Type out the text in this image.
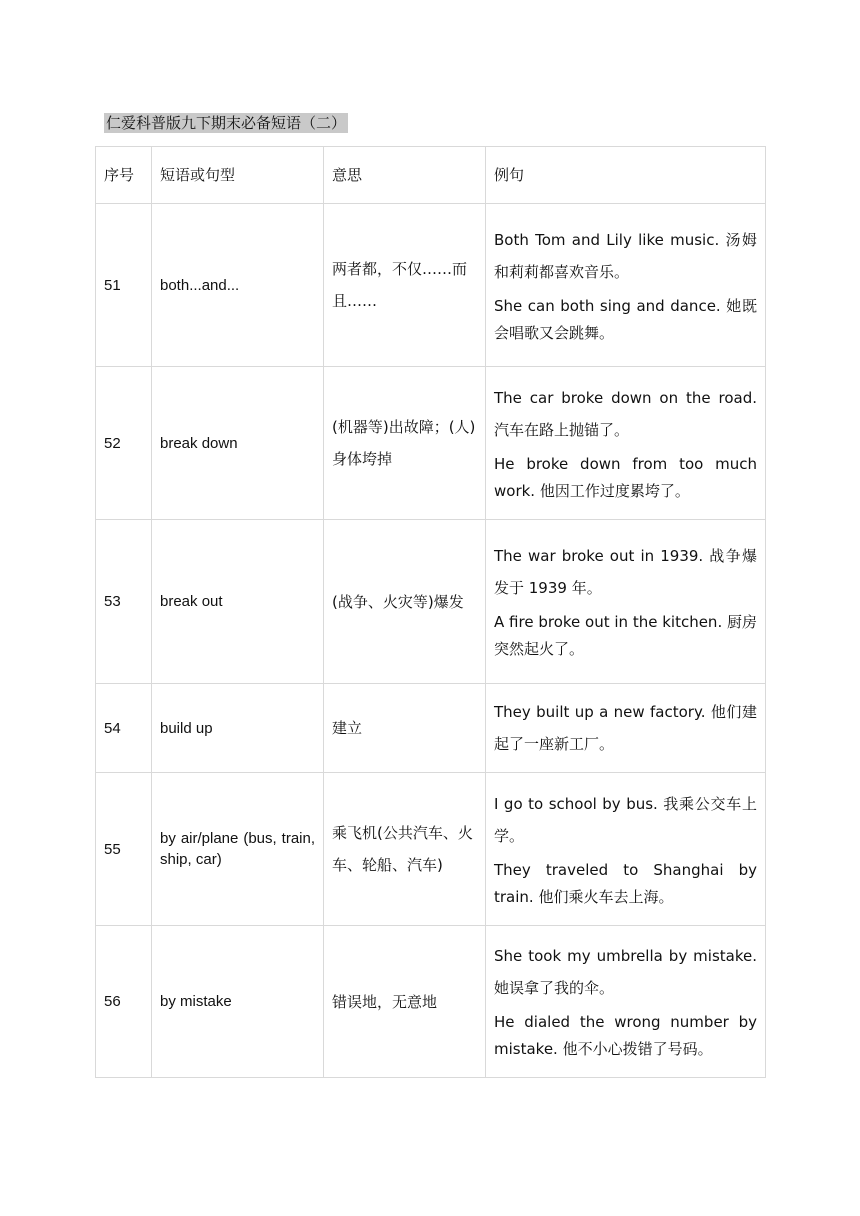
仁爱科普版九下期末必备短语（二）
序号	短语或句型	意思	例句
51	both...and...	两者都，不仅……而且……	Both Tom and Lily like music. 汤姆和莉莉都喜欢音乐。

She can both sing and dance. 她既会唱歌又会跳舞。

52	break down	(机器等)出故障；(人)身体垮掉	The car broke down on the road. 汽车在路上抛锚了。

He broke down from too much work. 他因工作过度累垮了。

53	break out	(战争、火灾等)爆发	The war broke out in 1939. 战争爆发于 1939 年。

A fire broke out in the kitchen. 厨房突然起火了。

54	build up	建立	They built up a new factory. 他们建起了一座新工厂。

55	by air/plane (bus, train, ship, car)	乘飞机(公共汽车、火车、轮船、汽车)	I go to school by bus. 我乘公交车上学。

They traveled to Shanghai by train. 他们乘火车去上海。

56	by mistake	错误地，无意地	She took my umbrella by mistake. 她误拿了我的伞。

He dialed the wrong number by mistake. 他不小心拨错了号码。
